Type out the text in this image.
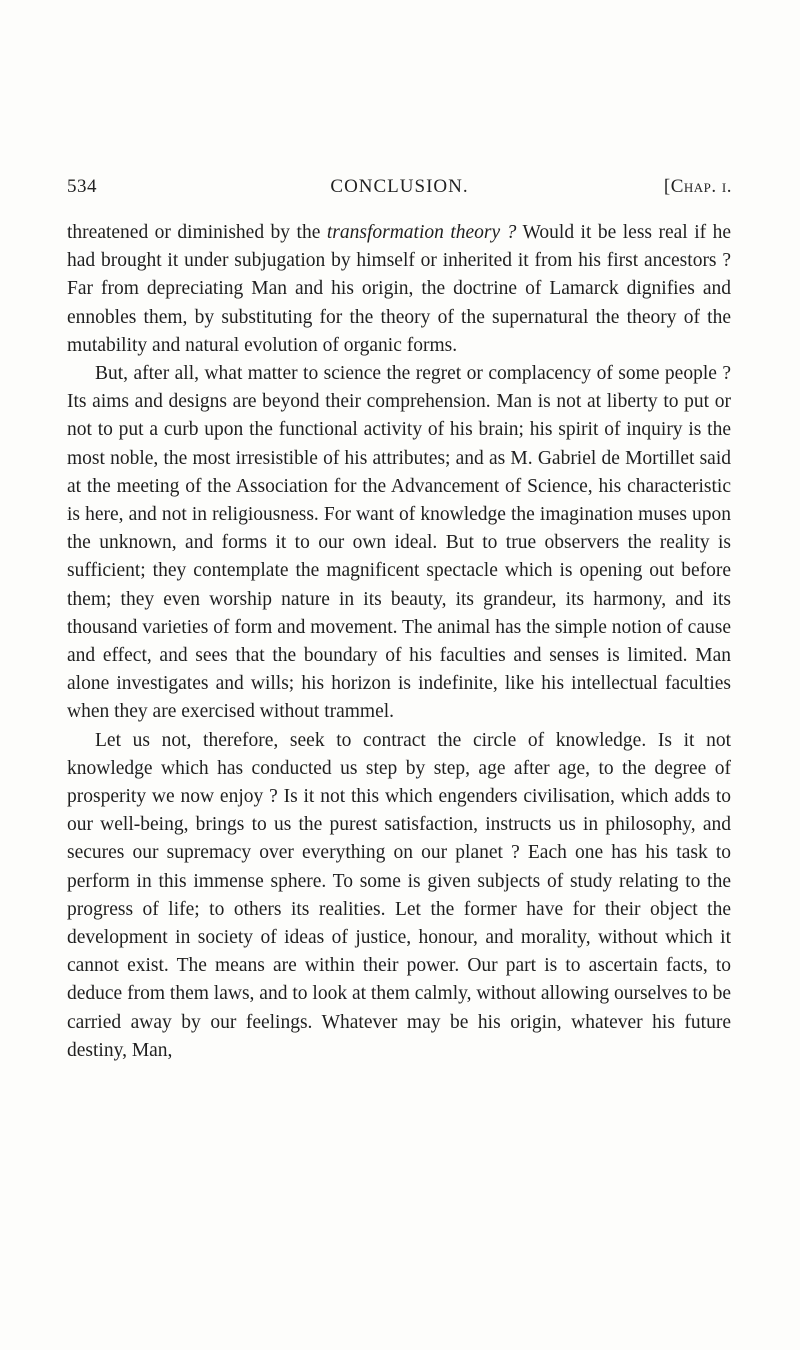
534	CONCLUSION.	[Chap. i.

threatened or diminished by the transformation theory ? Would it be less real if he had brought it under subjugation by himself or inherited it from his first ancestors ? Far from depreciating Man and his origin, the doctrine of Lamarck dignifies and ennobles them, by substituting for the theory of the supernatural the theory of the mutability and natural evolution of organic forms.

But, after all, what matter to science the regret or complacency of some people ? Its aims and designs are beyond their comprehension. Man is not at liberty to put or not to put a curb upon the functional activity of his brain; his spirit of inquiry is the most noble, the most irresistible of his attributes; and as M. Gabriel de Mortillet said at the meeting of the Association for the Advancement of Science, his characteristic is here, and not in religiousness. For want of knowledge the imagination muses upon the unknown, and forms it to our own ideal. But to true observers the reality is sufficient; they contemplate the magnificent spectacle which is opening out before them; they even worship nature in its beauty, its grandeur, its harmony, and its thousand varieties of form and movement. The animal has the simple notion of cause and effect, and sees that the boundary of his faculties and senses is limited. Man alone investigates and wills; his horizon is indefinite, like his intellectual faculties when they are exercised without trammel.

Let us not, therefore, seek to contract the circle of knowledge. Is it not knowledge which has conducted us step by step, age after age, to the degree of prosperity we now enjoy ? Is it not this which engenders civilisation, which adds to our well-being, brings to us the purest satisfaction, instructs us in philosophy, and secures our supremacy over everything on our planet ? Each one has his task to perform in this immense sphere. To some is given subjects of study relating to the progress of life; to others its realities. Let the former have for their object the development in society of ideas of justice, honour, and morality, without which it cannot exist. The means are within their power. Our part is to ascertain facts, to deduce from them laws, and to look at them calmly, without allowing ourselves to be carried away by our feelings. Whatever may be his origin, whatever his future destiny, Man,
